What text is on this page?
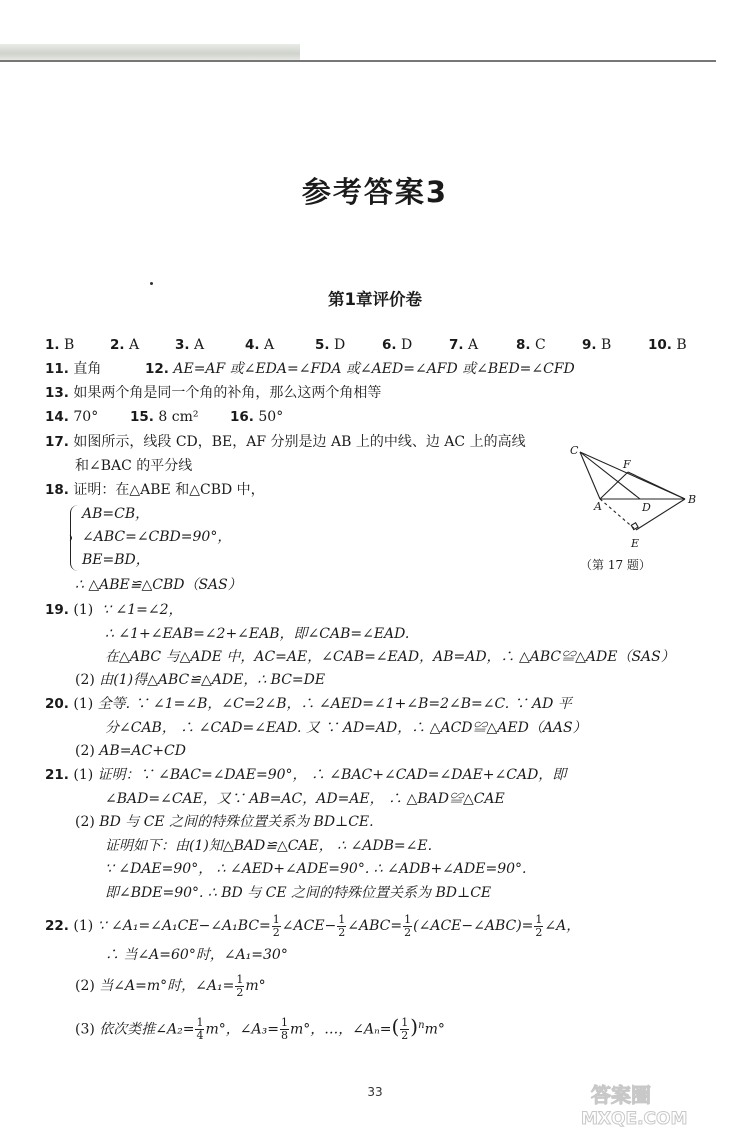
参考答案3
第1章评价卷
1. B	2. A	3. A	4. A	5. D	6. D	7. A	8. C	9. B	10. B
11. 直角	12. AE=AF 或∠EDA=∠FDA 或∠AED=∠AFD 或∠BED=∠CFD
13. 如果两个角是同一个角的补角，那么这两个角相等
14. 70° 15. 8 cm² 16. 50°
17. 如图所示，线段 CD，BE，AF 分别是边 AB 上的中线、边 AC 上的高线
和∠BAC 的平分线
18. 证明：在△ABE 和△CBD 中，
AB=CB，
∠ABC=∠CBD=90°，
BE=BD，
∴ △ABE≌△CBD（SAS）
C
F
A	D
B
E
（第 17 题）
19. (1) ∵ ∠1=∠2，
∴ ∠1+∠EAB=∠2+∠EAB，即∠CAB=∠EAD.
在△ABC 与△ADE 中，AC=AE，∠CAB=∠EAD，AB=AD，∴ △ABC≌△ADE（SAS）
(2) 由(1)得△ABC≌△ADE，∴ BC=DE
20. (1) 全等. ∵ ∠1=∠B，∠C=2∠B，∴ ∠AED=∠1+∠B=2∠B=∠C. ∵ AD 平
分∠CAB， ∴ ∠CAD=∠EAD. 又 ∵ AD=AD，∴ △ACD≌△AED（AAS）
(2) AB=AC+CD
21. (1) 证明：∵ ∠BAC=∠DAE=90°， ∴ ∠BAC+∠CAD=∠DAE+∠CAD，即
∠BAD=∠CAE，又∵ AB=AC，AD=AE， ∴ △BAD≌△CAE
(2) BD 与 CE 之间的特殊位置关系为 BD⊥CE.
证明如下：由(1)知△BAD≌△CAE， ∴ ∠ADB=∠E.
∵ ∠DAE=90°， ∴ ∠AED+∠ADE=90°. ∴ ∠ADB+∠ADE=90°.
即∠BDE=90°. ∴ BD 与 CE 之间的特殊位置关系为 BD⊥CE
22. (1) ∵ ∠A₁=∠A₁CE−∠A₁BC= $\frac{1}{2}$ ∠ACE− $\frac{1}{2}$ ∠ABC= $\frac{1}{2}$ (∠ACE−∠ABC)= $\frac{1}{2}$ ∠A，
∴ 当∠A=60°时，∠A₁=30°
(2) 当∠A=m°时，∠A₁= $\frac{1}{2} m^\circ$
(3) 依次类推∠A₂= $\frac{1}{4} m^\circ$，∠A₃= $\frac{1}{8} m^\circ$，…，∠Aₙ=( $\frac{1}{2} )^nm^\circ$
33	答案圈
MXQE.COM
